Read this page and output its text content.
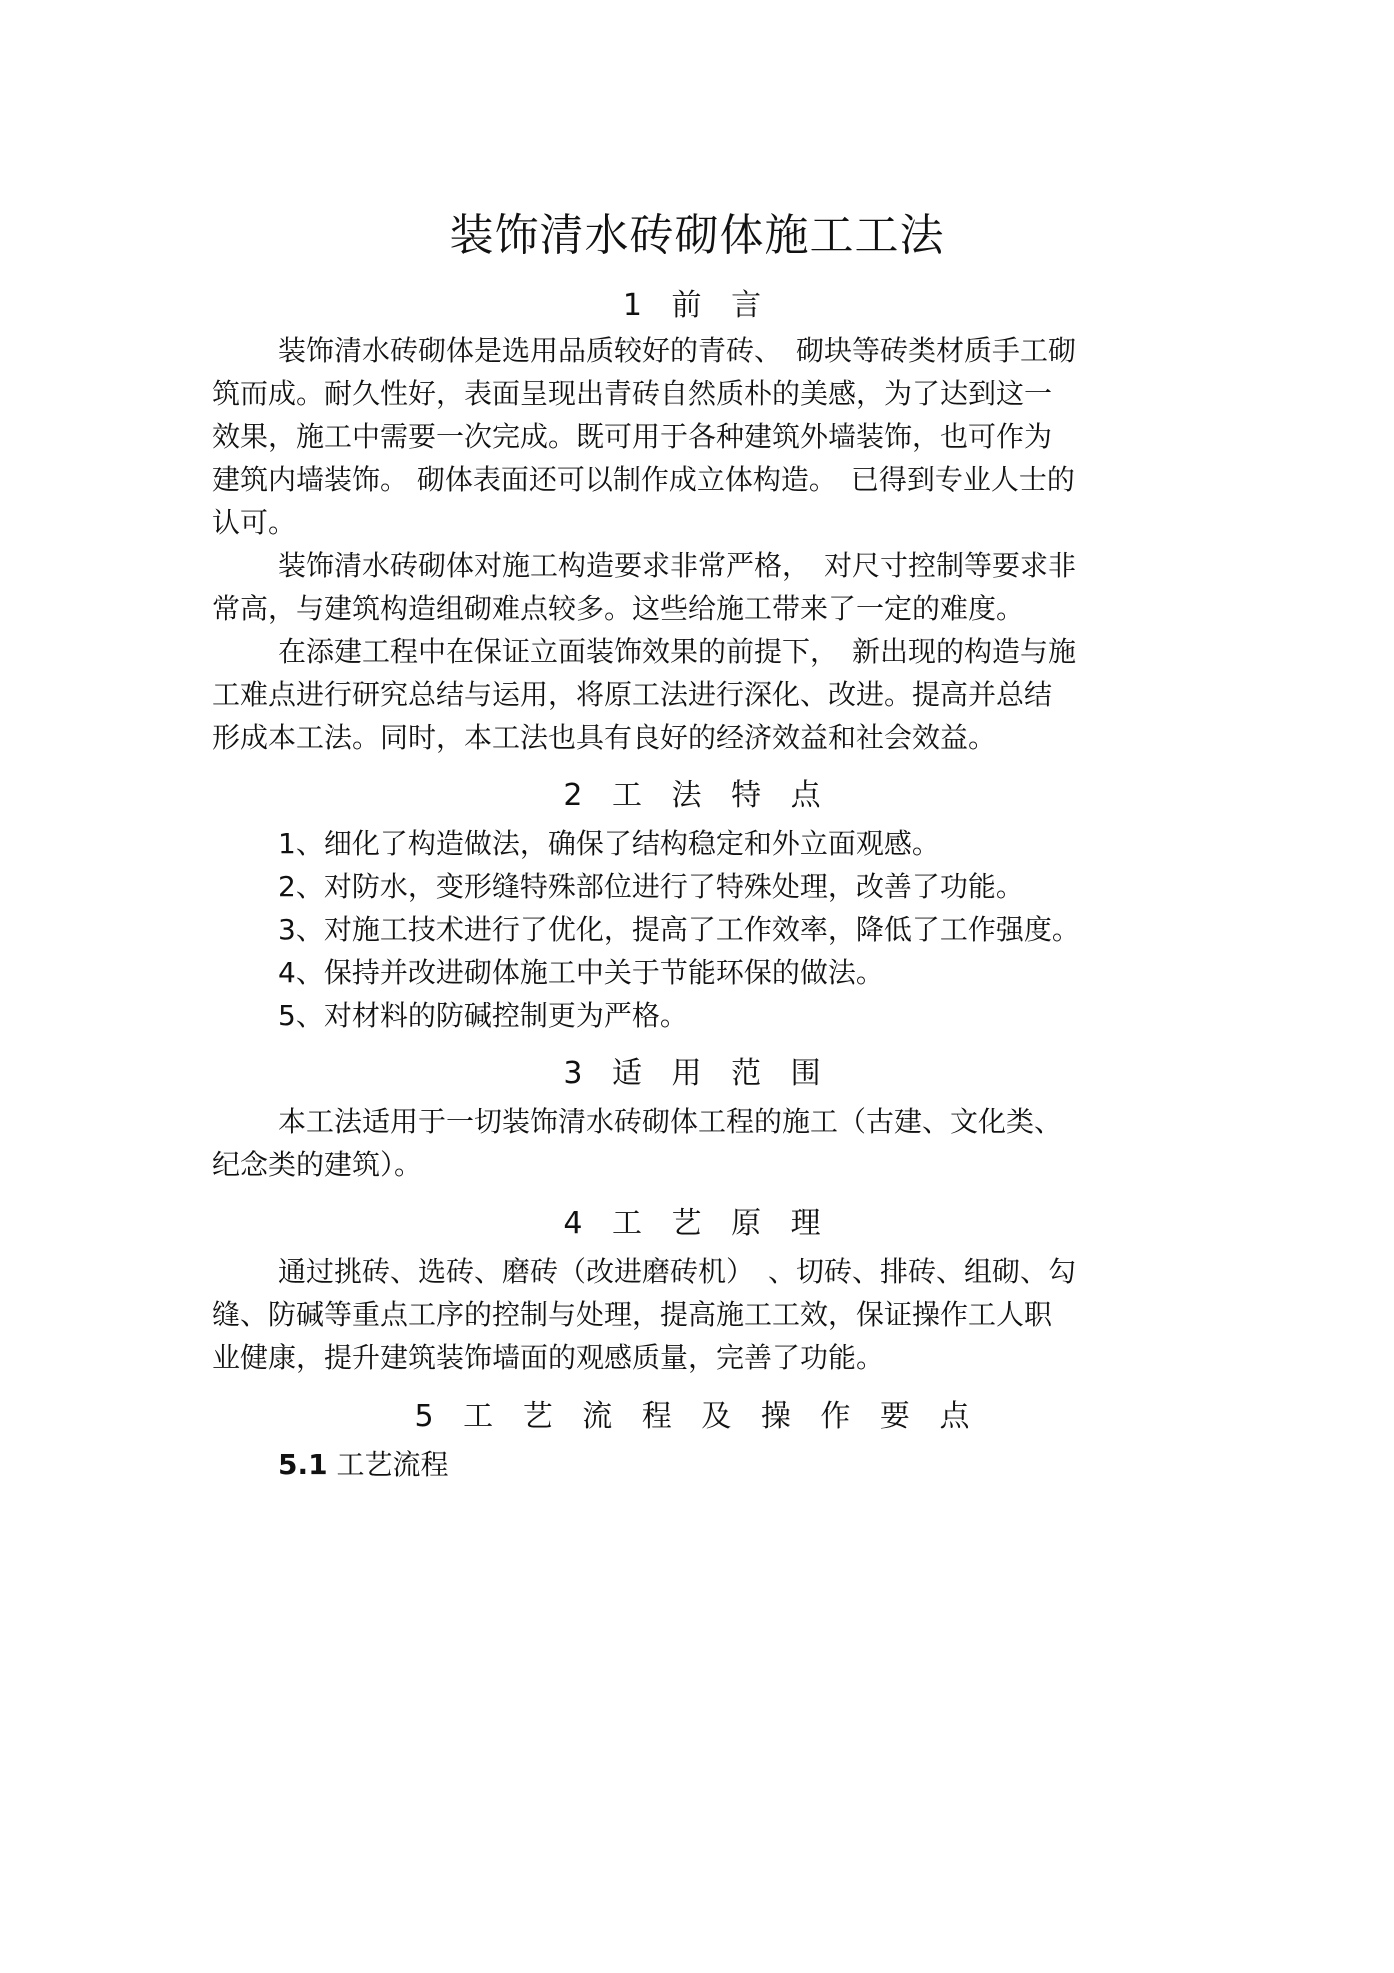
装饰清水砖砌体施工工法
1 前 言
装饰清水砖砌体是选用品质较好的青砖、　砌块等砖类材质手工砌
筑而成。耐久性好，表面呈现出青砖自然质朴的美感，为了达到这一
效果，施工中需要一次完成。既可用于各种建筑外墙装饰，也可作为
建筑内墙装饰。 砌体表面还可以制作成立体构造。　已得到专业人士的
认可。
装饰清水砖砌体对施工构造要求非常严格，　对尺寸控制等要求非
常高，与建筑构造组砌难点较多。这些给施工带来了一定的难度。
在添建工程中在保证立面装饰效果的前提下，　新出现的构造与施
工难点进行研究总结与运用，将原工法进行深化、改进。提高并总结
形成本工法。同时，本工法也具有良好的经济效益和社会效益。
2 工 法 特 点
1、细化了构造做法，确保了结构稳定和外立面观感。
2、对防水，变形缝特殊部位进行了特殊处理，改善了功能。
3、对施工技术进行了优化，提高了工作效率，降低了工作强度。
4、保持并改进砌体施工中关于节能环保的做法。
5、对材料的防碱控制更为严格。
3 适 用 范 围
本工法适用于一切装饰清水砖砌体工程的施工（古建、文化类、
纪念类的建筑）。
4 工 艺 原 理
通过挑砖、选砖、磨砖（改进磨砖机）　、切砖、排砖、组砌、勾
缝、防碱等重点工序的控制与处理，提高施工工效，保证操作工人职
业健康，提升建筑装饰墙面的观感质量，完善了功能。
5 工 艺 流 程 及 操 作 要 点
5.1 工艺流程
